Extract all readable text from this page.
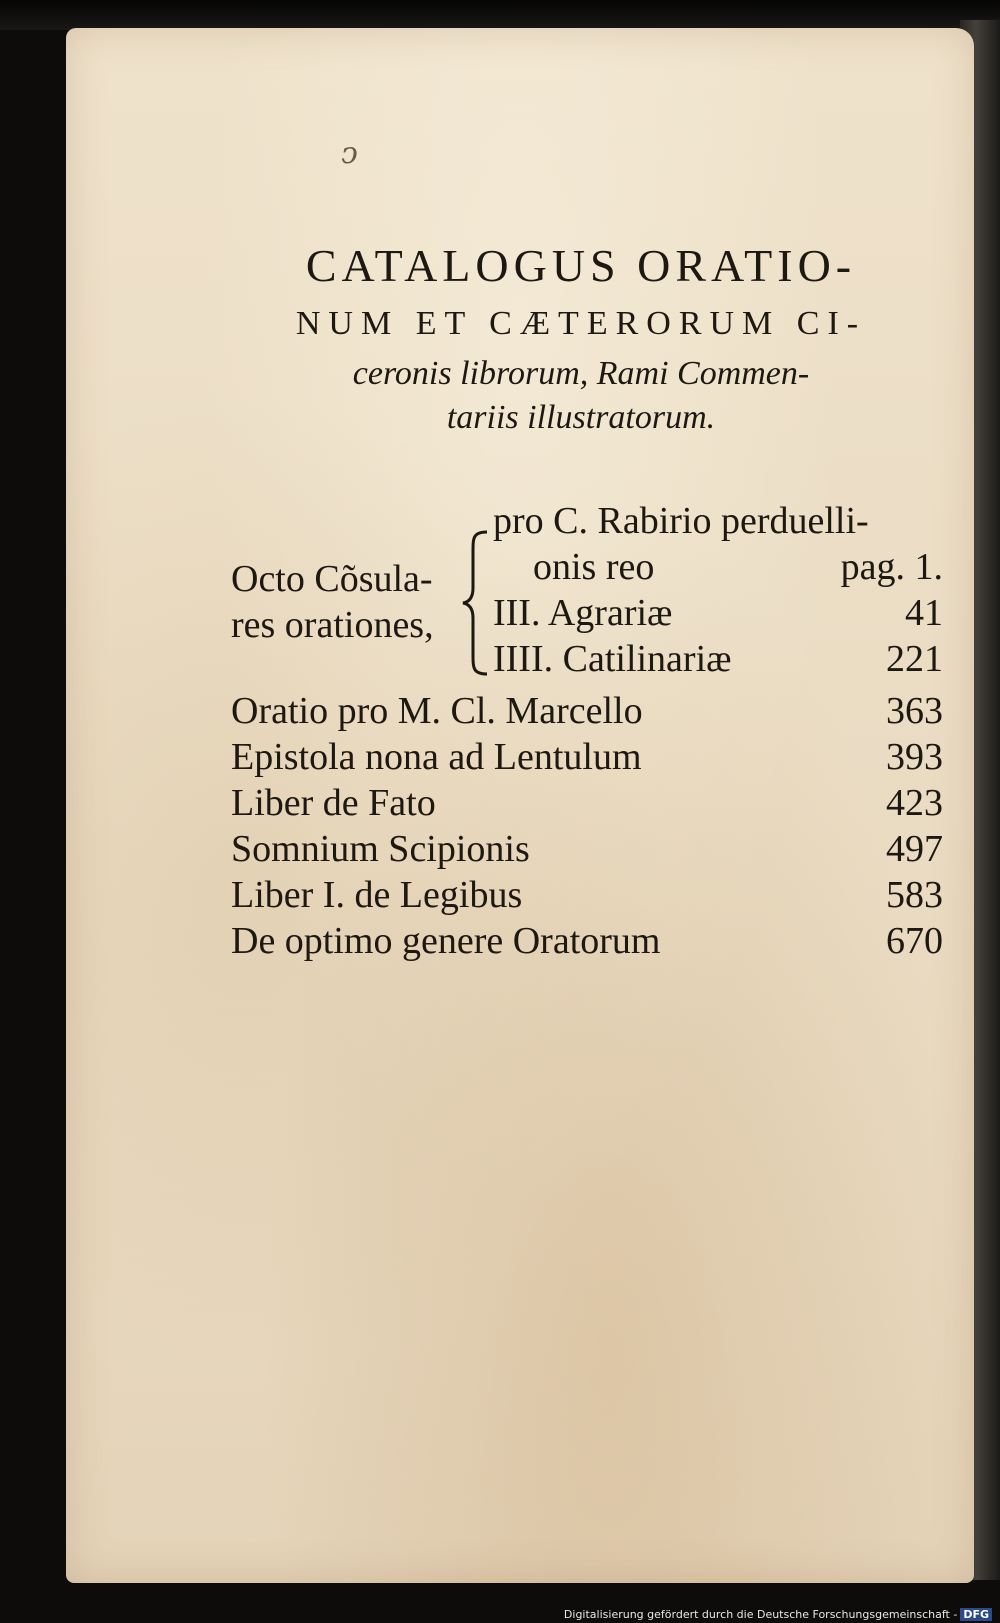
ↄ
CATALOGUS ORATIO-
NUM ET CÆTERORUM CI-
ceronis librorum, Rami Commen-
tariis illustratorum.
Octo Cõsula-
res orationes,
pro C. Rabirio perduelli-
onis reo	pag. 1.
III. Agrariæ	41
IIII. Catilinariæ	221
Oratio pro M. Cl. Marcello	363
Epistola nona ad Lentulum	393
Liber de Fato	423
Somnium Scipionis	497
Liber I. de Legibus	583
De optimo genere Oratorum	670
Digitalisierung gefördert durch die Deutsche Forschungsgemeinschaft - DFG
